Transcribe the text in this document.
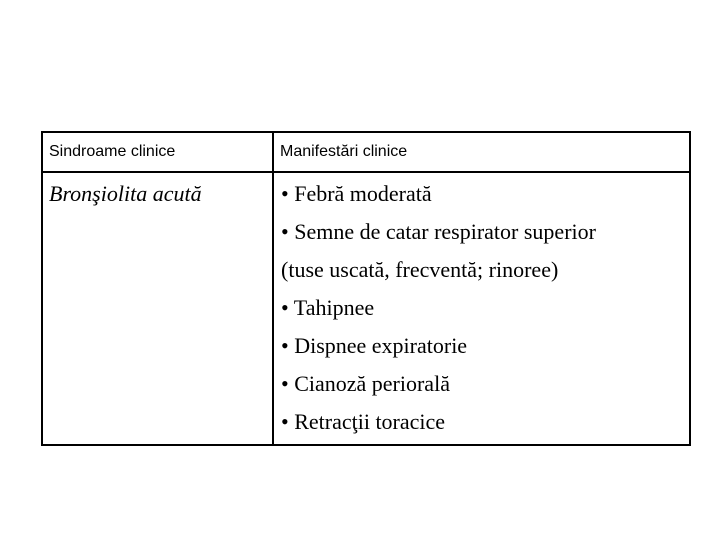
Sindroame clinice	Manifestări clinice
Bronşiolita acută	• Febră moderată
• Semne de catar respirator superior
(tuse uscată, frecventă; rinoree)
• Tahipnee
• Dispnee expiratorie
• Cianoză periorală
• Retracţii toracice
